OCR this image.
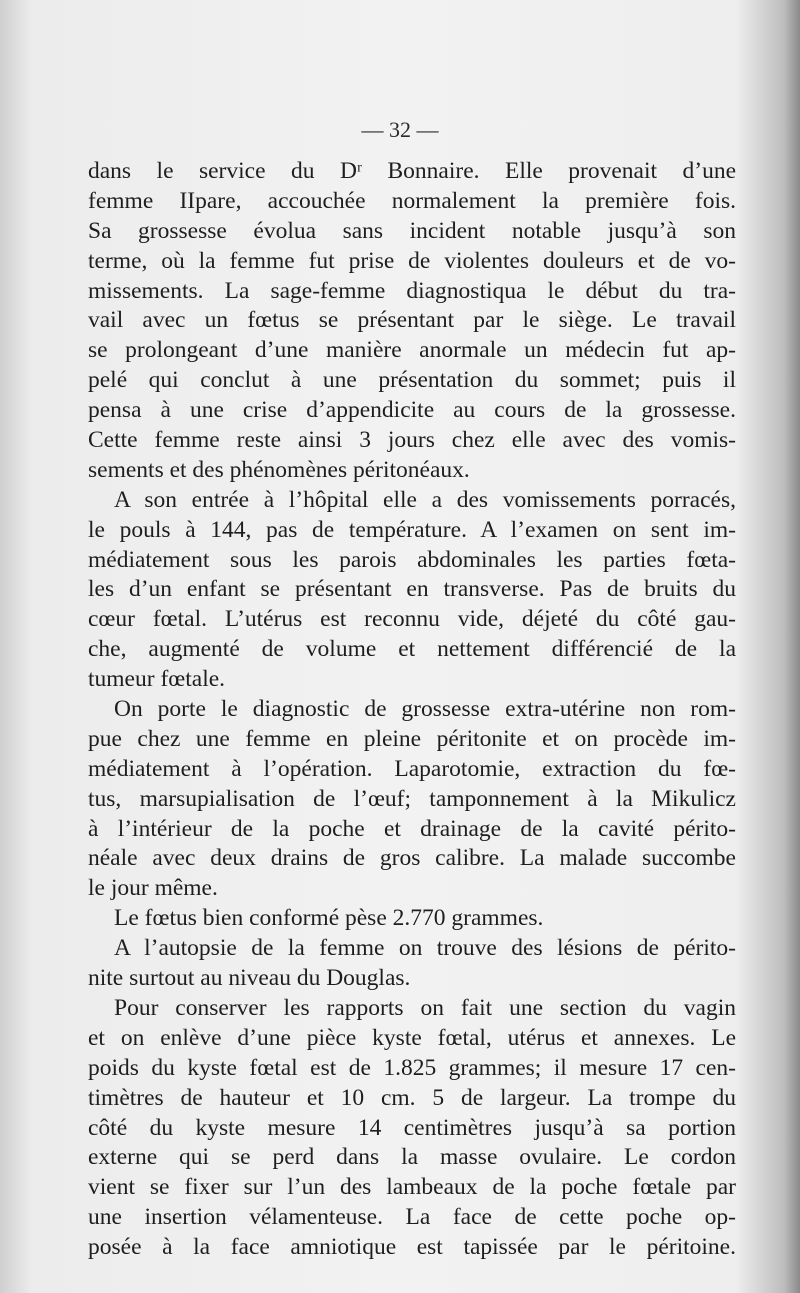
— 32 —
dans le service du Dʳ Bonnaire. Elle provenait d’une
femme IIpare, accouchée normalement la première fois.
Sa grossesse évolua sans incident notable jusqu’à son
terme, où la femme fut prise de violentes douleurs et de vo-
missements. La sage-femme diagnostiqua le début du tra-
vail avec un fœtus se présentant par le siège. Le travail
se prolongeant d’une manière anormale un médecin fut ap-
pelé qui conclut à une présentation du sommet; puis il
pensa à une crise d’appendicite au cours de la grossesse.
Cette femme reste ainsi 3 jours chez elle avec des vomis-
sements et des phénomènes péritonéaux.
A son entrée à l’hôpital elle a des vomissements porracés,
le pouls à 144, pas de température. A l’examen on sent im-
médiatement sous les parois abdominales les parties fœta-
les d’un enfant se présentant en transverse. Pas de bruits du
cœur fœtal. L’utérus est reconnu vide, déjeté du côté gau-
che, augmenté de volume et nettement différencié de la
tumeur fœtale.
On porte le diagnostic de grossesse extra-utérine non rom-
pue chez une femme en pleine péritonite et on procède im-
médiatement à l’opération. Laparotomie, extraction du fœ-
tus, marsupialisation de l’œuf; tamponnement à la Mikulicz
à l’intérieur de la poche et drainage de la cavité périto-
néale avec deux drains de gros calibre. La malade succombe
le jour même.
Le fœtus bien conformé pèse 2.770 grammes.
A l’autopsie de la femme on trouve des lésions de périto-
nite surtout au niveau du Douglas.
Pour conserver les rapports on fait une section du vagin
et on enlève d’une pièce kyste fœtal, utérus et annexes. Le
poids du kyste fœtal est de 1.825 grammes; il mesure 17 cen-
timètres de hauteur et 10 cm. 5 de largeur. La trompe du
côté du kyste mesure 14 centimètres jusqu’à sa portion
externe qui se perd dans la masse ovulaire. Le cordon
vient se fixer sur l’un des lambeaux de la poche fœtale par
une insertion vélamenteuse. La face de cette poche op-
posée à la face amniotique est tapissée par le péritoine.
